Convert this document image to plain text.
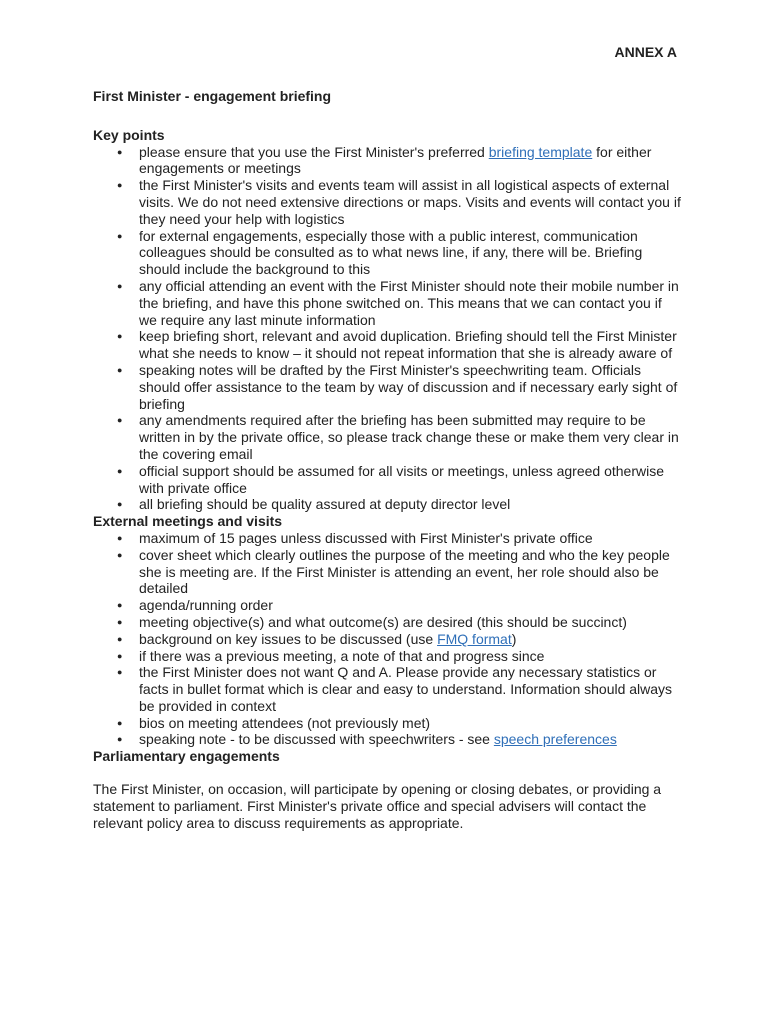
ANNEX A

First Minister - engagement briefing

Key points

● please ensure that you use the First Minister's preferred briefing template for either engagements or meetings
● the First Minister's visits and events team will assist in all logistical aspects of external visits. We do not need extensive directions or maps. Visits and events will contact you if they need your help with logistics
● for external engagements, especially those with a public interest, communication colleagues should be consulted as to what news line, if any, there will be. Briefing should include the background to this
● any official attending an event with the First Minister should note their mobile number in the briefing, and have this phone switched on. This means that we can contact you if we require any last minute information
● keep briefing short, relevant and avoid duplication. Briefing should tell the First Minister what she needs to know – it should not repeat information that she is already aware of
● speaking notes will be drafted by the First Minister's speechwriting team. Officials should offer assistance to the team by way of discussion and if necessary early sight of briefing
● any amendments required after the briefing has been submitted may require to be written in by the private office, so please track change these or make them very clear in the covering email
● official support should be assumed for all visits or meetings, unless agreed otherwise with private office
● all briefing should be quality assured at deputy director level

External meetings and visits

● maximum of 15 pages unless discussed with First Minister's private office
● cover sheet which clearly outlines the purpose of the meeting and who the key people she is meeting are. If the First Minister is attending an event, her role should also be detailed
● agenda/running order
● meeting objective(s) and what outcome(s) are desired (this should be succinct)
● background on key issues to be discussed (use FMQ format)
● if there was a previous meeting, a note of that and progress since
● the First Minister does not want Q and A. Please provide any necessary statistics or facts in bullet format which is clear and easy to understand. Information should always be provided in context
● bios on meeting attendees (not previously met)
● speaking note - to be discussed with speechwriters - see speech preferences

Parliamentary engagements

The First Minister, on occasion, will participate by opening or closing debates, or providing a statement to parliament. First Minister's private office and special advisers will contact the relevant policy area to discuss requirements as appropriate.
